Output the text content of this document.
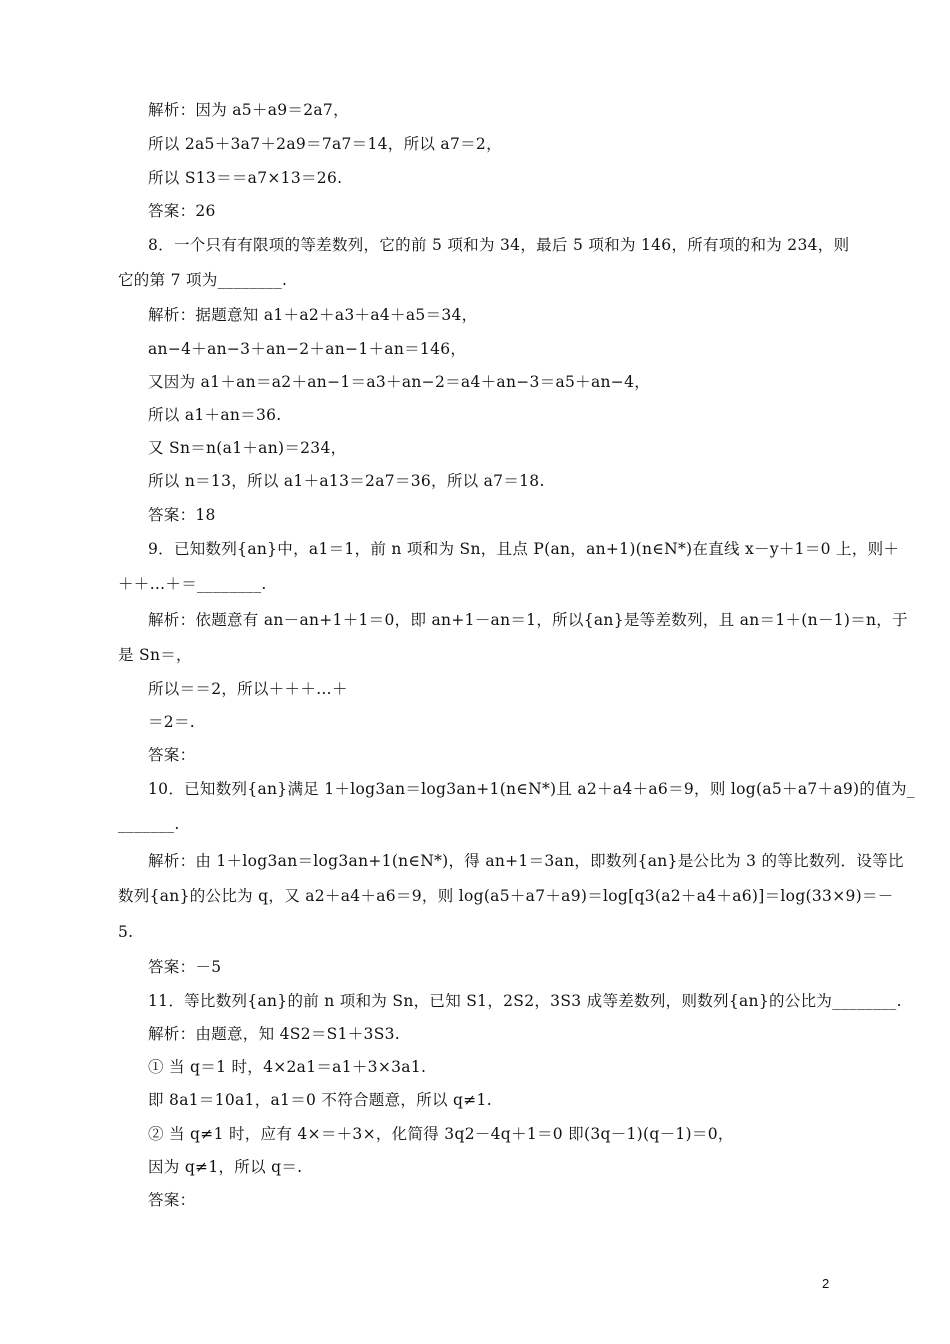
解析：因为 a5＋a9＝2a7，
所以 2a5＋3a7＋2a9＝7a7＝14，所以 a7＝2，
所以 S13＝＝a7×13＝26.
答案：26
8．一个只有有限项的等差数列，它的前 5 项和为 34，最后 5 项和为 146，所有项的和为 234，则
它的第 7 项为________.
解析：据题意知 a1＋a2＋a3＋a4＋a5＝34，
an−4＋an−3＋an−2＋an−1＋an＝146，
又因为 a1＋an＝a2＋an−1＝a3＋an−2＝a4＋an−3＝a5＋an−4，
所以 a1＋an＝36.
又 Sn＝n(a1＋an)＝234，
所以 n＝13，所以 a1＋a13＝2a7＝36，所以 a7＝18.
答案：18
9．已知数列{an}中，a1＝1，前 n 项和为 Sn，且点 P(an，an+1)(n∈N*)在直线 x－y＋1＝0 上，则＋
＋＋…＋＝________.
解析：依题意有 an－an+1＋1＝0，即 an+1－an＝1，所以{an}是等差数列，且 an＝1＋(n－1)＝n，于
是 Sn＝，
所以＝＝2，所以＋＋＋…＋
＝2＝.
答案：
10．已知数列{an}满足 1＋log3an＝log3an+1(n∈N*)且 a2＋a4＋a6＝9，则 log(a5＋a7＋a9)的值为_
_______.
解析：由 1＋log3an＝log3an+1(n∈N*)，得 an+1＝3an，即数列{an}是公比为 3 的等比数列．设等比
数列{an}的公比为 q，又 a2＋a4＋a6＝9，则 log(a5＋a7＋a9)＝log[q3(a2＋a4＋a6)]＝log(33×9)＝－
5.
答案：－5
11．等比数列{an}的前 n 项和为 Sn，已知 S1，2S2，3S3 成等差数列，则数列{an}的公比为________.
解析：由题意，知 4S2＝S1＋3S3.
① 当 q＝1 时，4×2a1＝a1＋3×3a1.
即 8a1＝10a1，a1＝0 不符合题意，所以 q≠1.
② 当 q≠1 时，应有 4×＝＋3×，化简得 3q2－4q＋1＝0 即(3q－1)(q－1)＝0，
因为 q≠1，所以 q＝.
答案：
2
